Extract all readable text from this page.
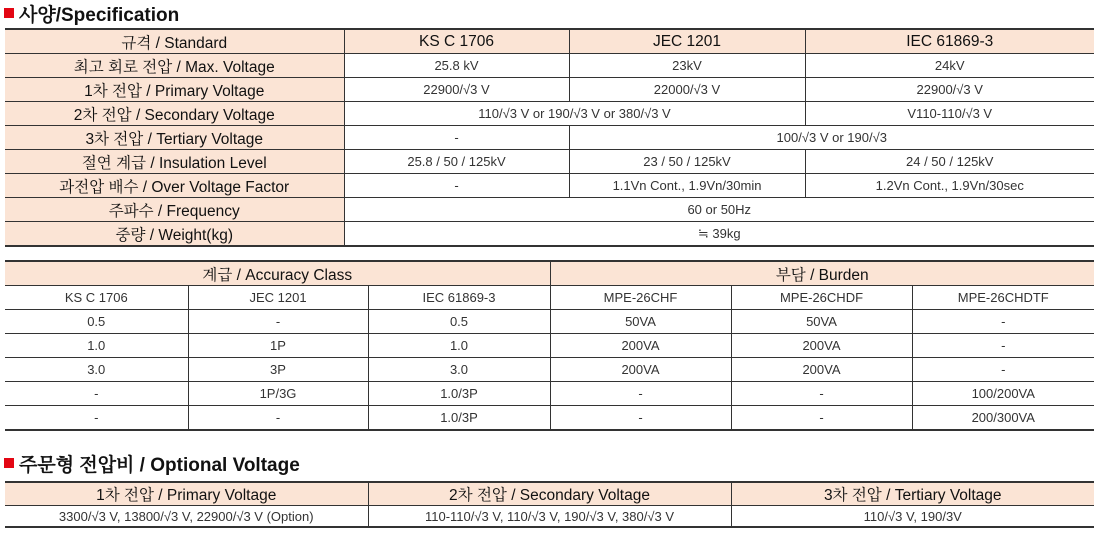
사양/Specification
규격 / Standard	KS C 1706	JEC 1201	IEC 61869-3
최고 회로 전압 / Max. Voltage	25.8 kV	23kV	24kV
1차 전압 / Primary Voltage	22900/√3 V	22000/√3 V	22900/√3 V
2차 전압 / Secondary Voltage	110/√3 V or 190/√3 V or 380/√3 V		V110-110/√3 V
3차 전압 / Tertiary Voltage	-	100/√3 V or 190/√3	
절연 계급 / Insulation Level	25.8 / 50 / 125kV	23 / 50 / 125kV	24 / 50 / 125kV
과전압 배수 / Over Voltage Factor	-	1.1Vn Cont., 1.9Vn/30min	1.2Vn Cont., 1.9Vn/30sec
주파수 / Frequency	60 or 50Hz		
중량 / Weight(kg)	≒ 39kg		
계급 / Accuracy Class			부담 / Burden		
KS C 1706	JEC 1201	IEC 61869-3	MPE-26CHF	MPE-26CHDF	MPE-26CHDTF
0.5	-	0.5	50VA	50VA	-
1.0	1P	1.0	200VA	200VA	-
3.0	3P	3.0	200VA	200VA	-
-	1P/3G	1.0/3P	-	-	100/200VA
-	-	1.0/3P	-	-	200/300VA
주문형 전압비 / Optional Voltage
1차 전압 / Primary Voltage	2차 전압 / Secondary Voltage	3차 전압 / Tertiary Voltage
3300/√3 V, 13800/√3 V, 22900/√3 V (Option)	110-110/√3 V, 110/√3 V, 190/√3 V, 380/√3 V	110/√3 V, 190/3V
